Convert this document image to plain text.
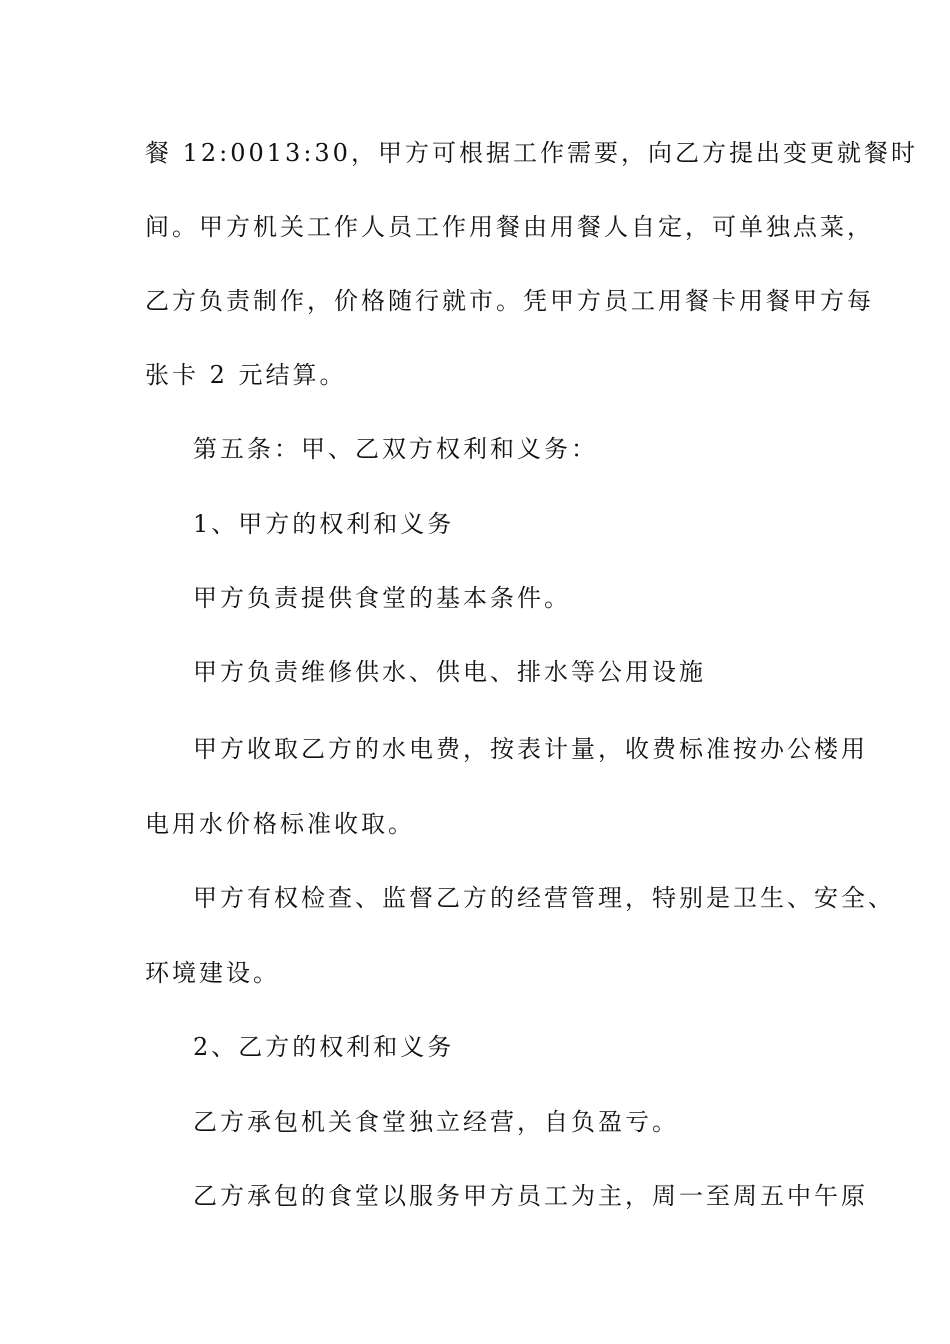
餐 12:0013:30，甲方可根据工作需要，向乙方提出变更就餐时
间。甲方机关工作人员工作用餐由用餐人自定，可单独点菜，
乙方负责制作，价格随行就市。凭甲方员工用餐卡用餐甲方每
张卡 2 元结算。
第五条：甲、乙双方权利和义务：
1、甲方的权利和义务
甲方负责提供食堂的基本条件。
甲方负责维修供水、供电、排水等公用设施
甲方收取乙方的水电费，按表计量，收费标准按办公楼用
电用水价格标准收取。
甲方有权检查、监督乙方的经营管理，特别是卫生、安全、
环境建设。
2、乙方的权利和义务
乙方承包机关食堂独立经营，自负盈亏。
乙方承包的食堂以服务甲方员工为主，周一至周五中午原
